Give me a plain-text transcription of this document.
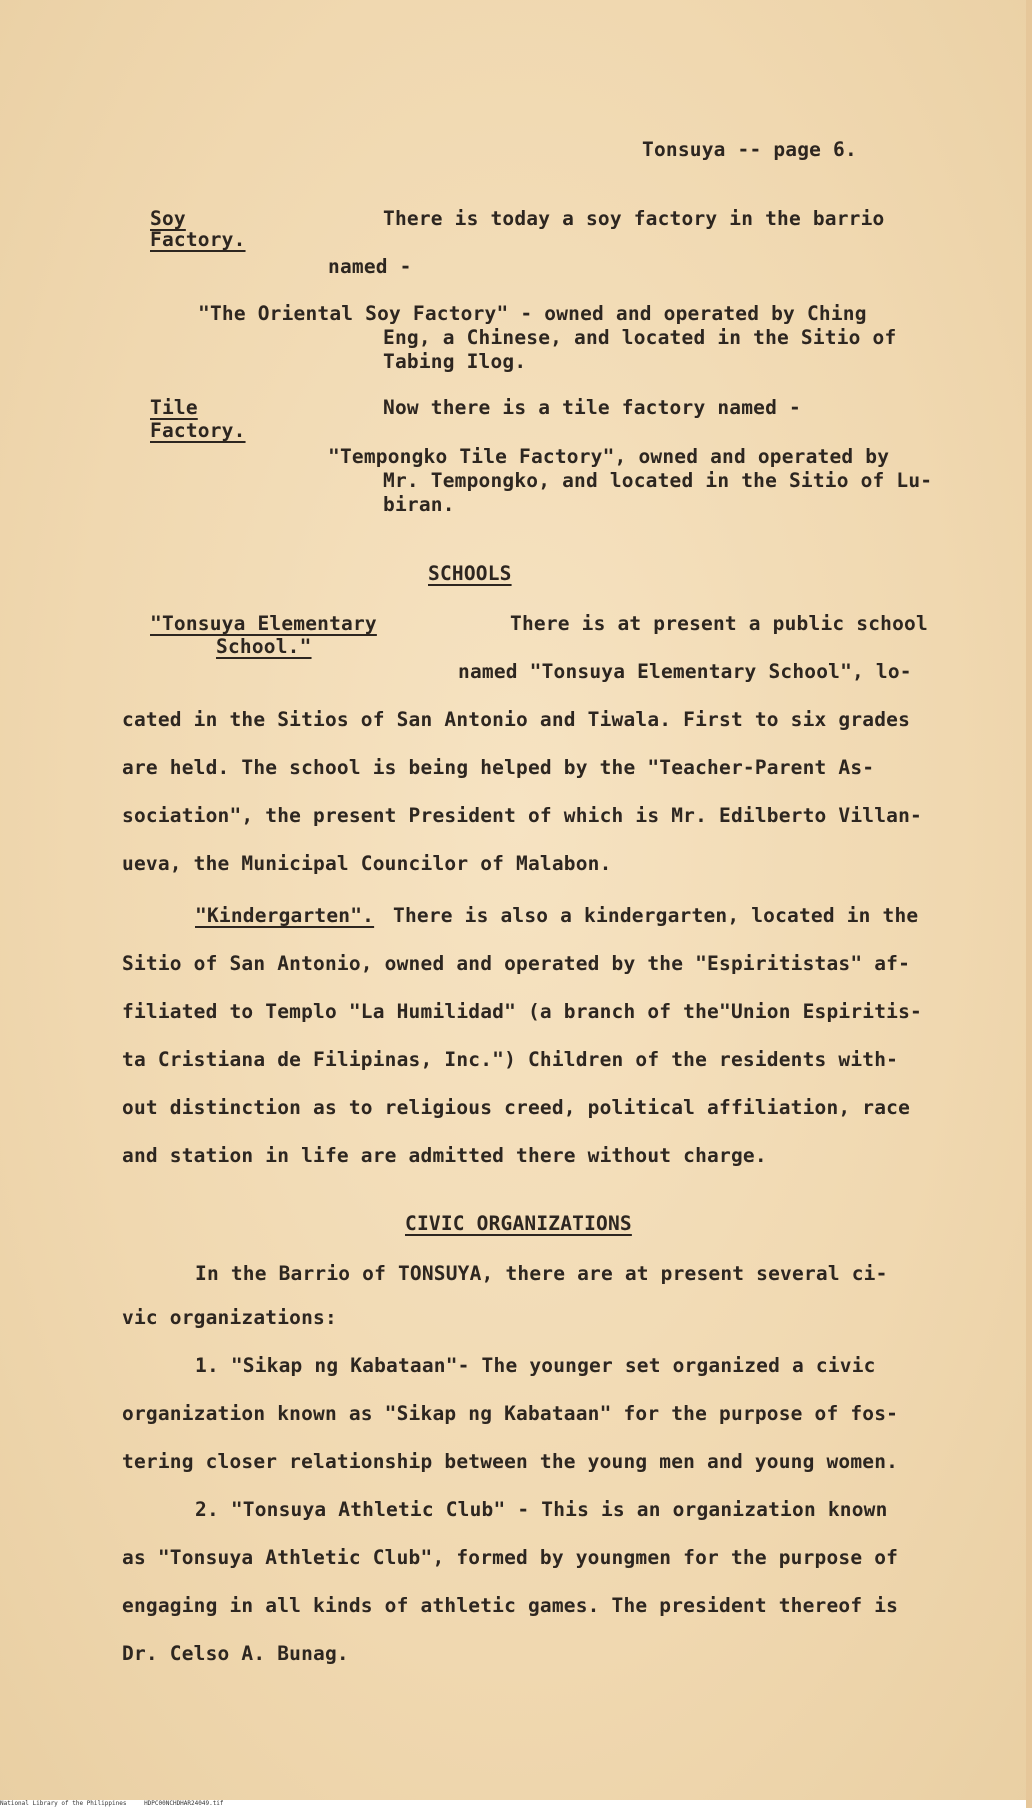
Tonsuya -- page 6.
Soy
Factory.
There is today a soy factory in the barrio
named -
"The Oriental Soy Factory" - owned and operated by Ching
Eng, a Chinese, and located in the Sitio of
Tabing Ilog.
Tile
Factory.
Now there is a tile factory named -
"Tempongko Tile Factory", owned and operated by
Mr. Tempongko, and located in the Sitio of Lu-
biran.
SCHOOLS
"Tonsuya Elementary
School."
There is at present a public school
named "Tonsuya Elementary School", lo-
cated in the Sitios of San Antonio and Tiwala. First to six grades
are held. The school is being helped by the "Teacher-Parent As-
sociation", the present President of which is Mr. Edilberto Villan-
ueva, the Municipal Councilor of Malabon.
"Kindergarten". There is also a kindergarten, located in the
Sitio of San Antonio, owned and operated by the "Espiritistas" af-
filiated to Templo "La Humilidad" (a branch of the"Union Espiritis-
ta Cristiana de Filipinas, Inc.") Children of the residents with-
out distinction as to religious creed, political affiliation, race
and station in life are admitted there without charge.
CIVIC ORGANIZATIONS
In the Barrio of TONSUYA, there are at present several ci-
vic organizations:
1. "Sikap ng Kabataan"- The younger set organized a civic
organization known as "Sikap ng Kabataan" for the purpose of fos-
tering closer relationship between the young men and young women.
2. "Tonsuya Athletic Club" - This is an organization known
as "Tonsuya Athletic Club", formed by youngmen for the purpose of
engaging in all kinds of athletic games. The president thereof is
Dr. Celso A. Bunag.
National Library of the Philippines	HDPC00NCHDHAR24049.tif
